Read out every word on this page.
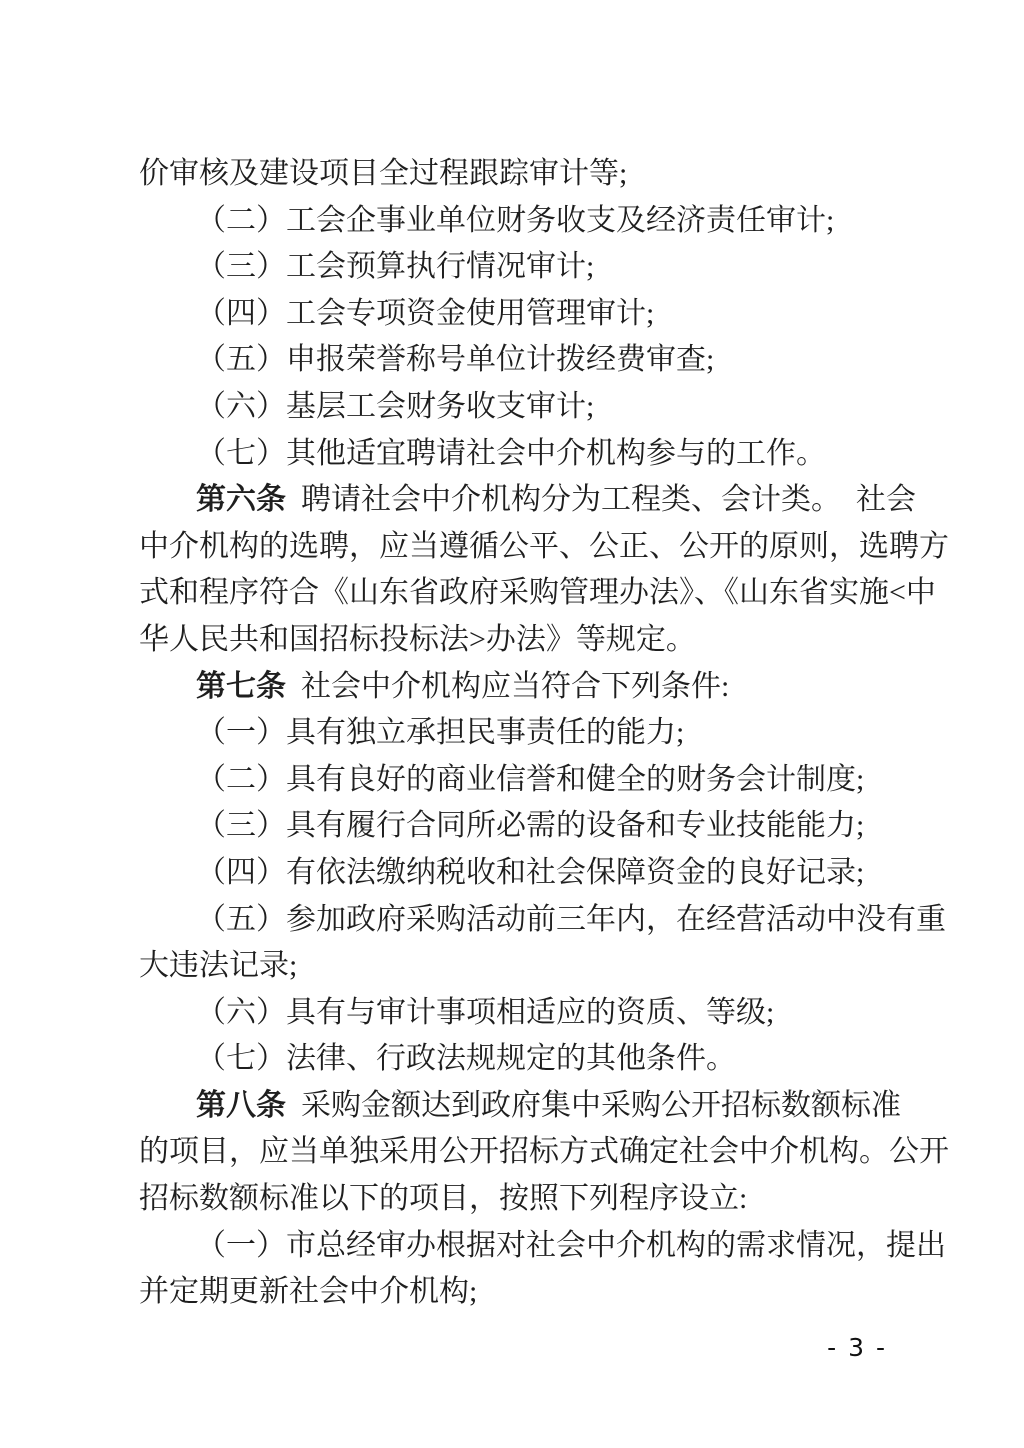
价审核及建设项目全过程跟踪审计等;
（二）工会企事业单位财务收支及经济责任审计;
（三）工会预算执行情况审计;
（四）工会专项资金使用管理审计;
（五）申报荣誉称号单位计拨经费审查;
（六）基层工会财务收支审计;
（七）其他适宜聘请社会中介机构参与的工作。
第六条 聘请社会中介机构分为工程类、会计类。　社会
中介机构的选聘，应当遵循公平、公正、公开的原则，选聘方
式和程序符合《山东省政府采购管理办法》、《山东省实施<中
华人民共和国招标投标法>办法》等规定。
第七条 社会中介机构应当符合下列条件:
（一）具有独立承担民事责任的能力;
（二）具有良好的商业信誉和健全的财务会计制度;
（三）具有履行合同所必需的设备和专业技能能力;
（四）有依法缴纳税收和社会保障资金的良好记录;
（五）参加政府采购活动前三年内，在经营活动中没有重
大违法记录;
（六）具有与审计事项相适应的资质、等级;
（七）法律、行政法规规定的其他条件。
第八条 采购金额达到政府集中采购公开招标数额标准
的项目，应当单独采用公开招标方式确定社会中介机构。公开
招标数额标准以下的项目，按照下列程序设立:
（一）市总经审办根据对社会中介机构的需求情况，提出
并定期更新社会中介机构;
- 3 -
